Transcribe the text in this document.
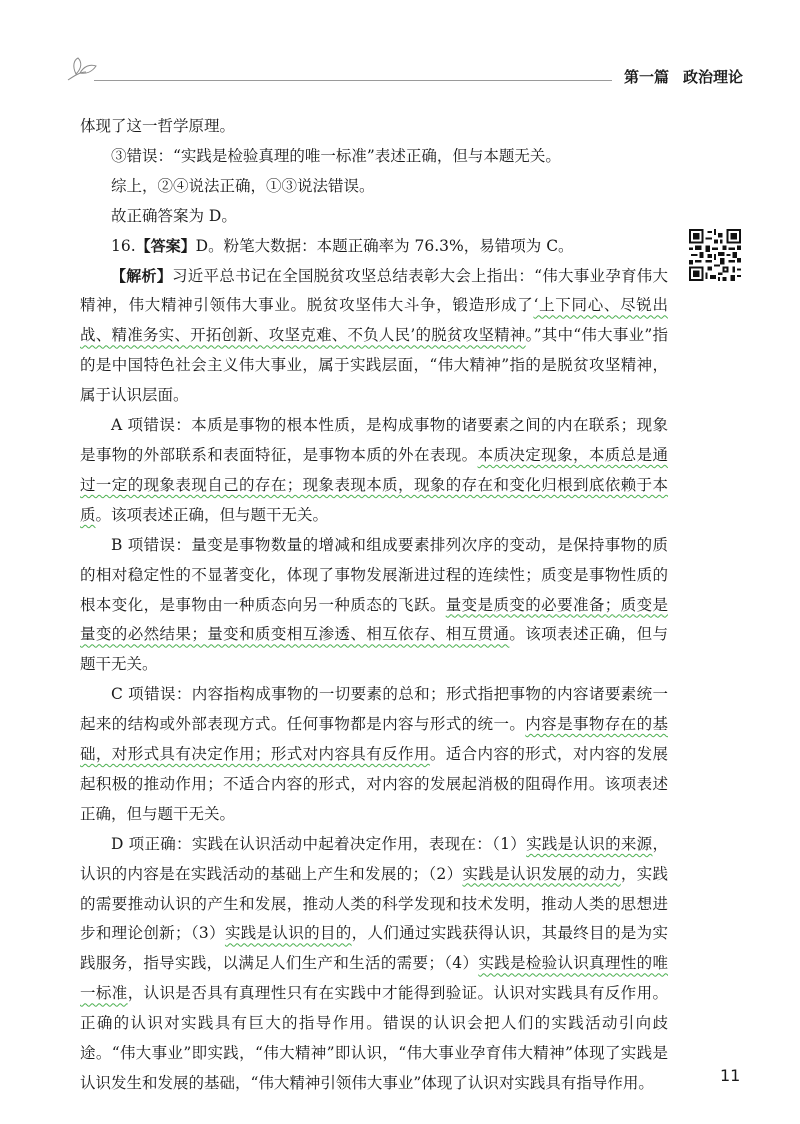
第一篇 政治理论

体现了这一哲学原理。

③错误：“实践是检验真理的唯一标准”表述正确，但与本题无关。

综上，②④说法正确，①③说法错误。

故正确答案为 D。

16.【答案】D。粉笔大数据：本题正确率为 76.3%，易错项为 C。

【解析】习近平总书记在全国脱贫攻坚总结表彰大会上指出：“伟大事业孕育伟大精神，伟大精神引领伟大事业。脱贫攻坚伟大斗争，锻造形成了‘上下同心、尽锐出战、精准务实、开拓创新、攻坚克难、不负人民’的脱贫攻坚精神。”其中“伟大事业”指的是中国特色社会主义伟大事业，属于实践层面，“伟大精神”指的是脱贫攻坚精神，属于认识层面。

A 项错误：本质是事物的根本性质，是构成事物的诸要素之间的内在联系；现象是事物的外部联系和表面特征，是事物本质的外在表现。本质决定现象，本质总是通过一定的现象表现自己的存在；现象表现本质，现象的存在和变化归根到底依赖于本质。该项表述正确，但与题干无关。

B 项错误：量变是事物数量的增减和组成要素排列次序的变动，是保持事物的质的相对稳定性的不显著变化，体现了事物发展渐进过程的连续性；质变是事物性质的根本变化，是事物由一种质态向另一种质态的飞跃。量变是质变的必要准备；质变是量变的必然结果；量变和质变相互渗透、相互依存、相互贯通。该项表述正确，但与题干无关。

C 项错误：内容指构成事物的一切要素的总和；形式指把事物的内容诸要素统一起来的结构或外部表现方式。任何事物都是内容与形式的统一。内容是事物存在的基础，对形式具有决定作用；形式对内容具有反作用。适合内容的形式，对内容的发展起积极的推动作用；不适合内容的形式，对内容的发展起消极的阻碍作用。该项表述正确，但与题干无关。

D 项正确：实践在认识活动中起着决定作用，表现在：（1）实践是认识的来源，认识的内容是在实践活动的基础上产生和发展的；（2）实践是认识发展的动力，实践的需要推动认识的产生和发展，推动人类的科学发现和技术发明，推动人类的思想进步和理论创新；（3）实践是认识的目的，人们通过实践获得认识，其最终目的是为实践服务，指导实践，以满足人们生产和生活的需要；（4）实践是检验认识真理性的唯一标准，认识是否具有真理性只有在实践中才能得到验证。认识对实践具有反作用。正确的认识对实践具有巨大的指导作用。错误的认识会把人们的实践活动引向歧途。“伟大事业”即实践，“伟大精神”即认识，“伟大事业孕育伟大精神”体现了实践是认识发生和发展的基础，“伟大精神引领伟大事业”体现了认识对实践具有指导作用。	11
